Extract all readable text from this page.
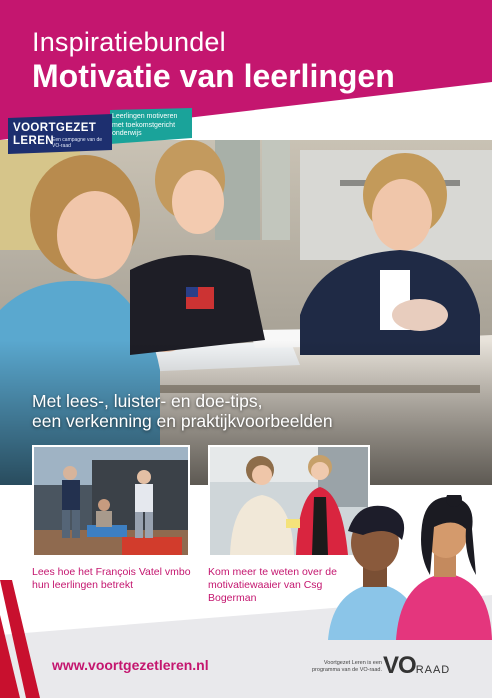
Inspiratiebundel
Motivatie van leerlingen
VOORTGEZET
LEREN
Een campagne van de VO-raad
Leerlingen motiveren met toekomstgericht onderwijs
Met lees-, luister- en doe-tips,
een verkenning en praktijkvoorbeelden
Lees hoe het François Vatel vmbo hun leerlingen betrekt
Kom meer te weten over de motivatiewaaier van Csg Bogerman
www.voortgezetleren.nl	Voortgezet Leren is een programma van de VO-raad. VORAAD
